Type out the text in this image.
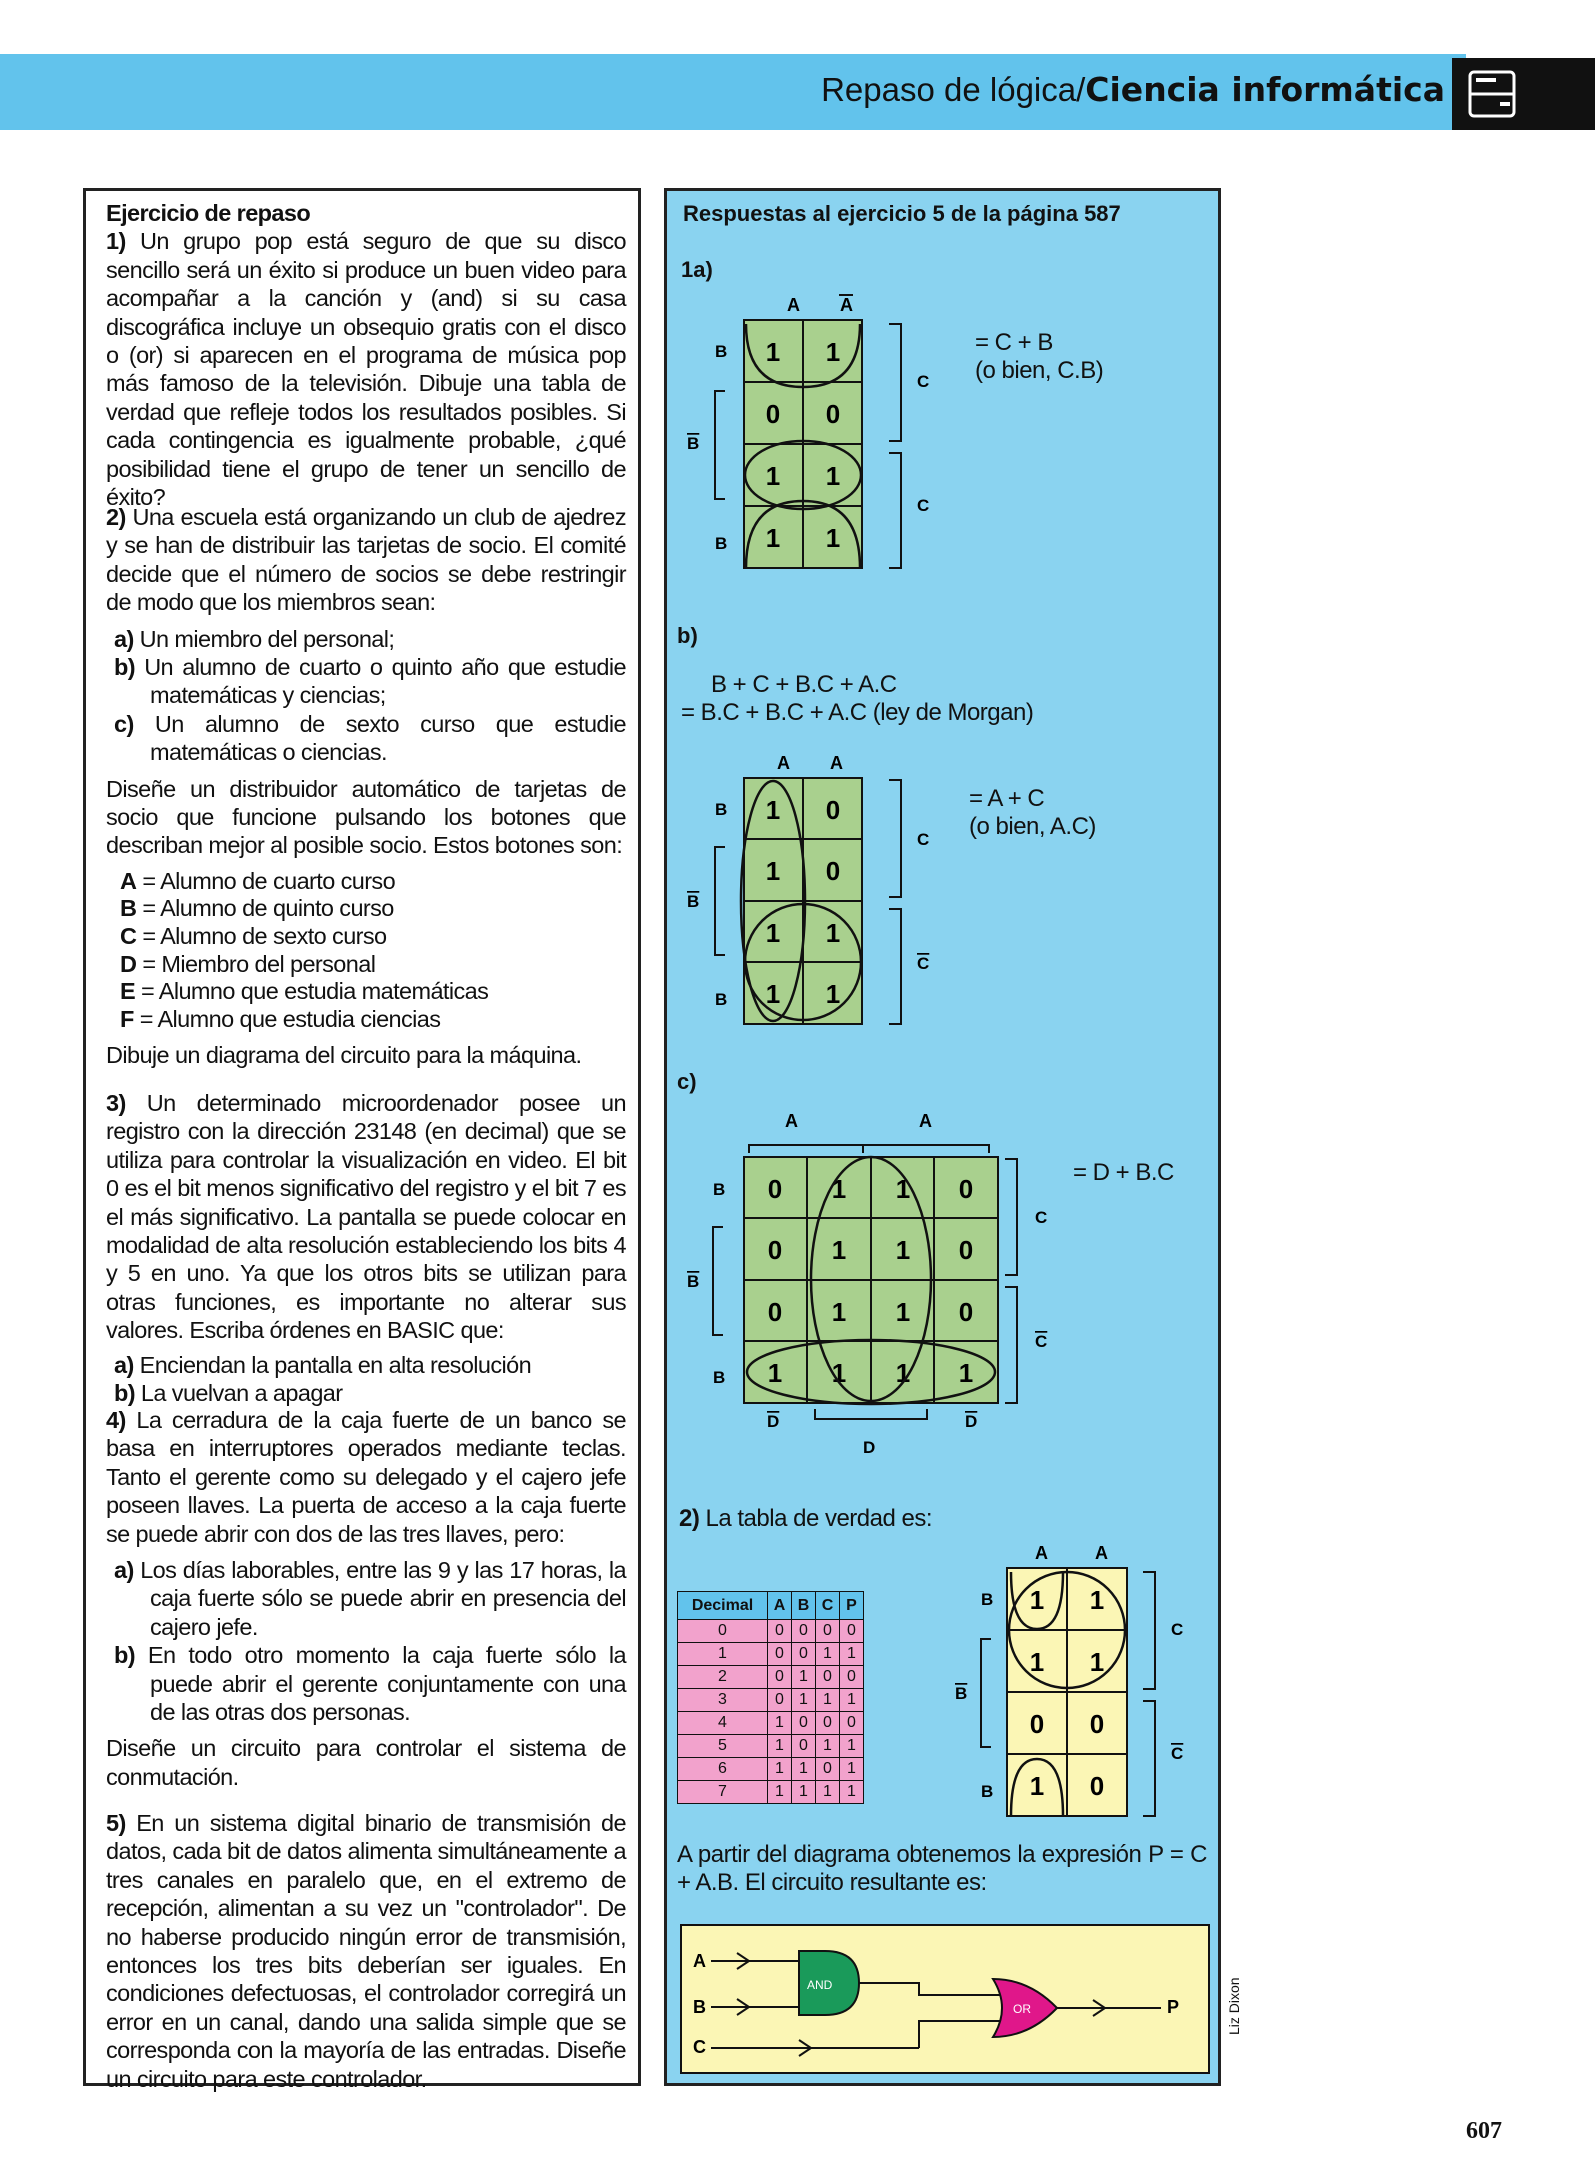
Repaso de lógica/Ciencia informática

Ejercicio de repaso

1) Un grupo pop está seguro de que su disco sencillo será un éxito si produce un buen video para acompañar a la canción y (and) si su casa discográfica incluye un obsequio gratis con el disco o (or) si aparecen en el programa de música pop más famoso de la televisión. Dibuje una tabla de verdad que refleje todos los resultados posibles. Si cada contingencia es igualmente probable, ¿qué posibilidad tiene el grupo de tener un sencillo de éxito?

2) Una escuela está organizando un club de ajedrez y se han de distribuir las tarjetas de socio. El comité decide que el número de socios se debe restringir de modo que los miembros sean:

a) Un miembro del personal;

b) Un alumno de cuarto o quinto año que estudie matemáticas y ciencias;

c) Un alumno de sexto curso que estudie matemáticas o ciencias.

Diseñe un distribuidor automático de tarjetas de socio que funcione pulsando los botones que describan mejor al posible socio. Estos botones son:

A = Alumno de cuarto curso

B = Alumno de quinto curso

C = Alumno de sexto curso

D = Miembro del personal

E = Alumno que estudia matemáticas

F = Alumno que estudia ciencias

Dibuje un diagrama del circuito para la máquina.

3) Un determinado microordenador posee un registro con la dirección 23148 (en decimal) que se utiliza para controlar la visualización en video. El bit 0 es el bit menos significativo del registro y el bit 7 es el más significativo. La pantalla se puede colocar en modalidad de alta resolución estableciendo los bits 4 y 5 en uno. Ya que los otros bits se utilizan para otras funciones, es importante no alterar sus valores. Escriba órdenes en BASIC que:

a) Enciendan la pantalla en alta resolución

b) La vuelvan a apagar

4) La cerradura de la caja fuerte de un banco se basa en interruptores operados mediante teclas. Tanto el gerente como su delegado y el cajero jefe poseen llaves. La puerta de acceso a la caja fuerte se puede abrir con dos de las tres llaves, pero:

a) Los días laborables, entre las 9 y las 17 horas, la caja fuerte sólo se puede abrir en presencia del cajero jefe.

b) En todo otro momento la caja fuerte sólo la puede abrir el gerente conjuntamente con una de las otras dos personas.

Diseñe un circuito para controlar el sistema de conmutación.

5) En un sistema digital binario de transmisión de datos, cada bit de datos alimenta simultáneamente a tres canales en paralelo que, en el extremo de recepción, alimentan a su vez un "controlador". De no haberse producido ningún error de transmisión, entonces los tres bits deberían ser iguales. En condiciones defectuosas, el controlador corregirá un error en un canal, dando una salida simple que se corresponda con la mayoría de las entradas. Diseñe un circuito para este controlador.

Respuestas al ejercicio 5 de la página 587
1a)
A A
1 1
0 0
1 1
1 1
B
B
B
C
C
= C + B
(o bien, C.B)
b)
B + C + B.C + A.C
= B.C + B.C + A.C (ley de Morgan)
A A
1 0
1 0
1 1
1 1
B
B
B
C
C
= A + C
(o bien, A.C)
c)
A	A
0 1 1 0
0 1 1 0
0 1 1 0
1 1 1 1
B
B
B
C
C
D	D
D
= D + B.C
2) La tabla de verdad es:
Decimal	A	B	C	P
0	0	0	0	0
1	0	0	1	1
2	0	1	0	0
3	0	1	1	1
4	1	0	0	0
5	1	0	1	1
6	1	1	0	1
7	1	1	1	1
A	A
1 1
1 1
0 0
1 0
B
B
B
C
C
A partir del diagrama obtenemos la expresión P = C + A.B. El circuito resultante es:
A
B
C
P
AND
OR	Liz Dixon
607
